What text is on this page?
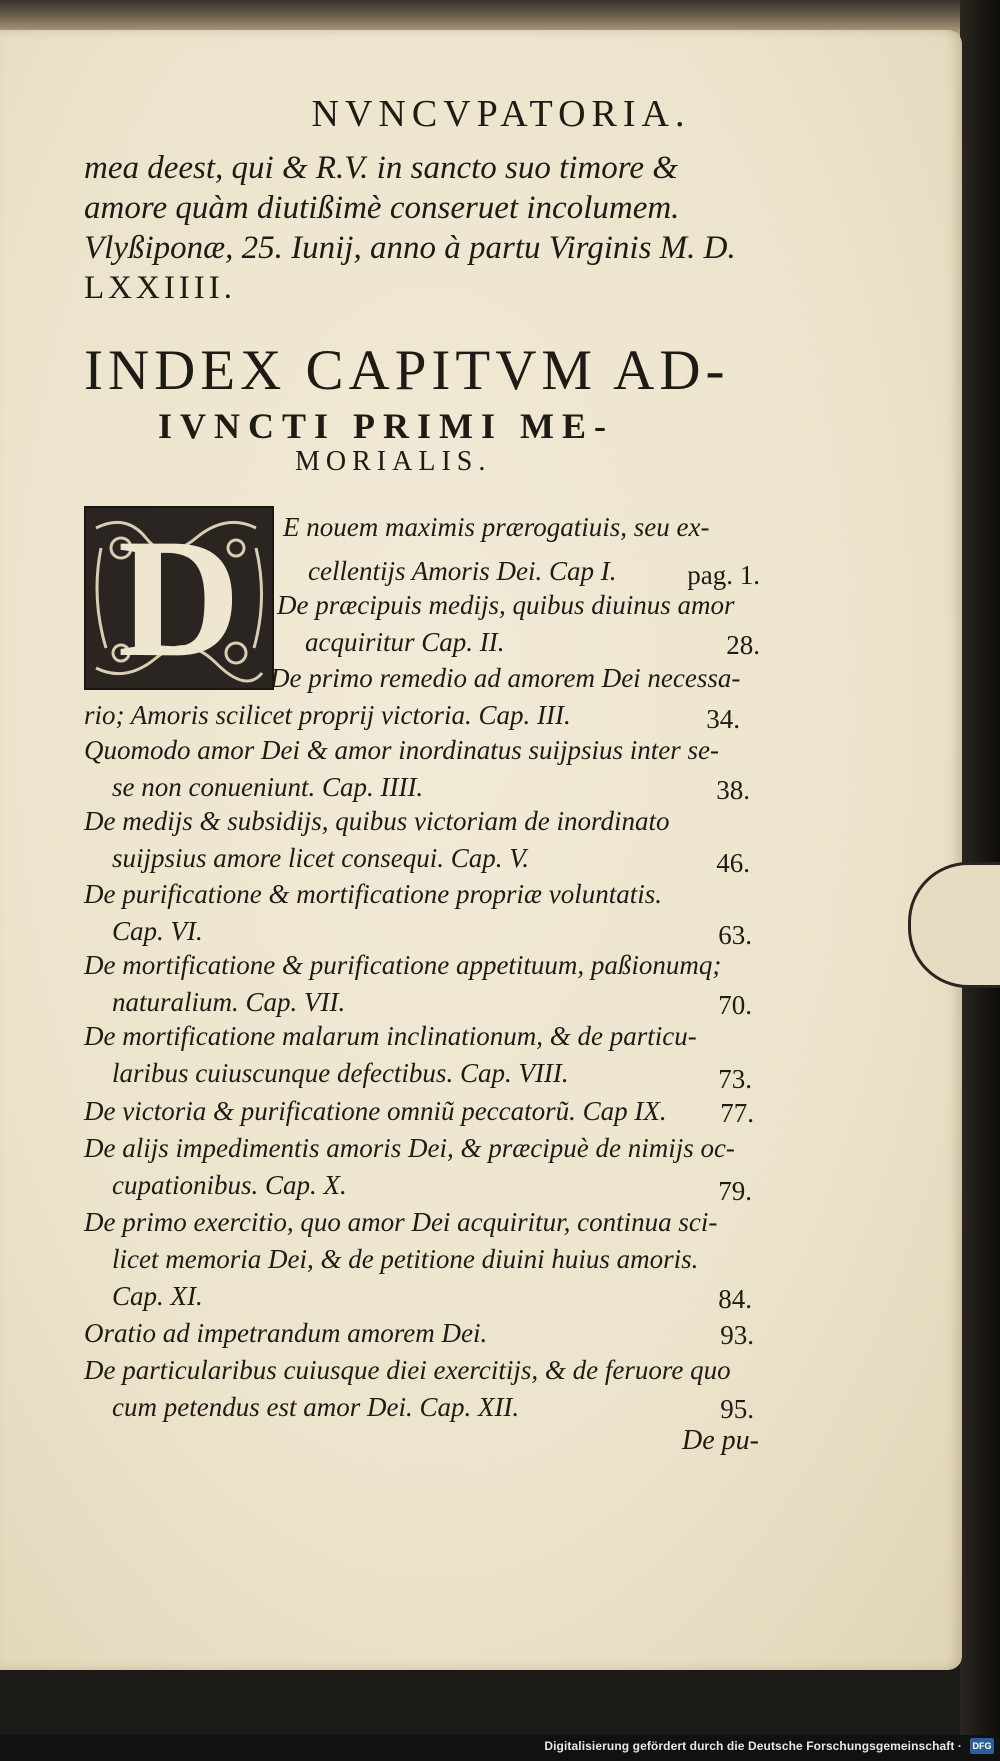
NVNCVPATORIA.
mea deest, qui & R.V. in sancto suo timore &
amore quàm diutißimè conseruet incolumem.
Vlyßiponæ, 25. Iunij, anno à partu Virginis M. D.
LXXIIII.
INDEX CAPITVM AD-
IVNCTI PRIMI ME-
MORIALIS.
D	E nouem maximis prærogatiuis, seu ex-
cellentijs Amoris Dei. Cap I.	pag. 1.
De præcipuis medijs, quibus diuinus amor
acquiritur Cap. II.	28.
De primo remedio ad amorem Dei necessa-
rio; Amoris scilicet proprij victoria. Cap. III.	34.
Quomodo amor Dei & amor inordinatus suijpsius inter se-
se non conueniunt. Cap. IIII.	38.
De medijs & subsidijs, quibus victoriam de inordinato
suijpsius amore licet consequi. Cap. V.	46.
De purificatione & mortificatione propriæ voluntatis.
Cap. VI.	63.
De mortificatione & purificatione appetituum, paßionumq;
naturalium. Cap. VII.	70.
De mortificatione malarum inclinationum, & de particu-
laribus cuiuscunque defectibus. Cap. VIII.	73.
De victoria & purificatione omniũ peccatorũ. Cap IX.	77.
De alijs impedimentis amoris Dei, & præcipuè de nimijs oc-
cupationibus. Cap. X.	79.
De primo exercitio, quo amor Dei acquiritur, continua sci-
licet memoria Dei, & de petitione diuini huius amoris.
Cap. XI.	84.
Oratio ad impetrandum amorem Dei.	93.
De particularibus cuiusque diei exercitijs, & de feruore quo
cum petendus est amor Dei. Cap. XII.	95.
De pu-
Digitalisierung gefördert durch die Deutsche Forschungsgemeinschaft · DFG
